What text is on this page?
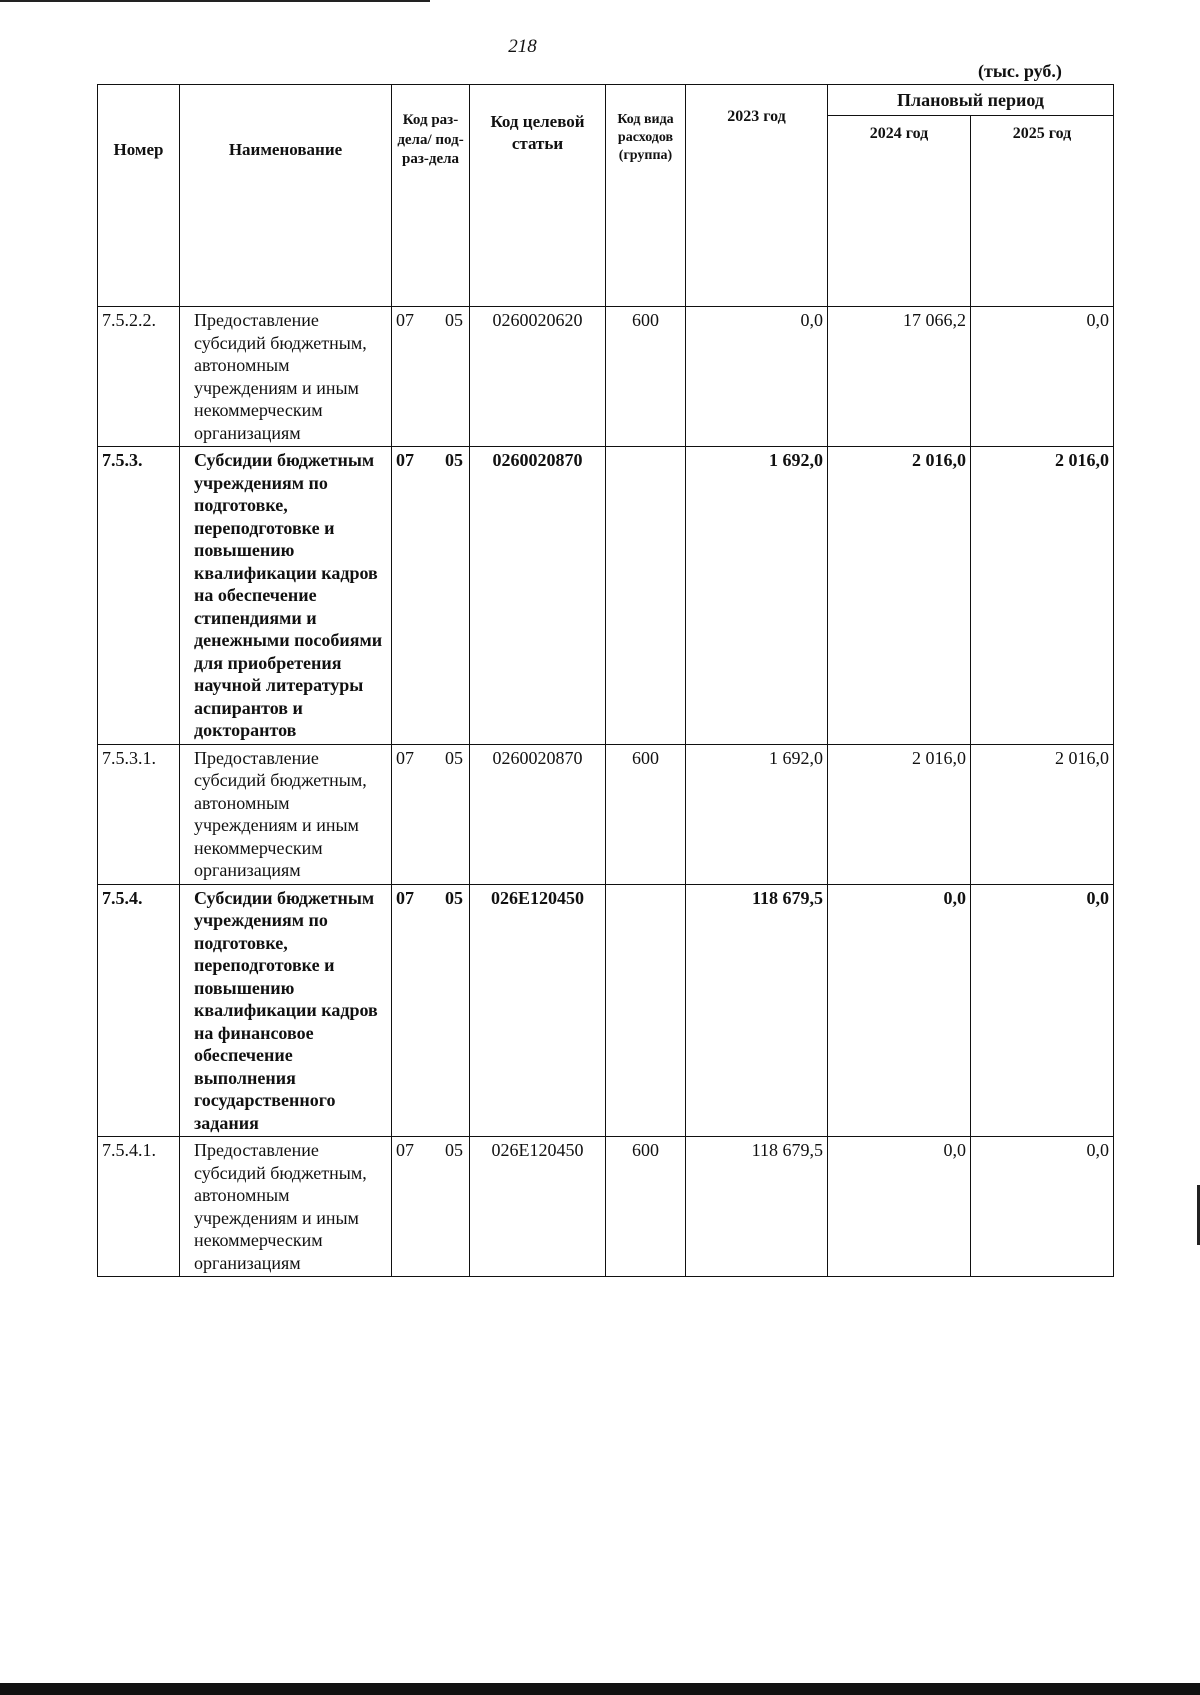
218
(тыс. руб.)
Номер	Наименование	Код раз-дела/ под-раз-дела	Код целевой статьи	Код вида расходов (группа)	2023 год	Плановый период	
						2024 год	2025 год
7.5.2.2.	Предоставление субсидий бюджетным, автономным учреждениям и иным некоммерческим организациям	07 05	0260020620	600	0,0	17 066,2	0,0
7.5.3.	Субсидии бюджетным учреждениям по подготовке, переподготовке и повышению квалификации кадров на обеспечение стипендиями и денежными пособиями для приобретения научной литературы аспирантов и докторантов	07 05	0260020870		1 692,0	2 016,0	2 016,0
7.5.3.1.	Предоставление субсидий бюджетным, автономным учреждениям и иным некоммерческим организациям	07 05	0260020870	600	1 692,0	2 016,0	2 016,0
7.5.4.	Субсидии бюджетным учреждениям по подготовке, переподготовке и повышению квалификации кадров на финансовое обеспечение выполнения государственного задания	07 05	026Е120450		118 679,5	0,0	0,0
7.5.4.1.	Предоставление субсидий бюджетным, автономным учреждениям и иным некоммерческим организациям	07 05	026Е120450	600	118 679,5	0,0	0,0
